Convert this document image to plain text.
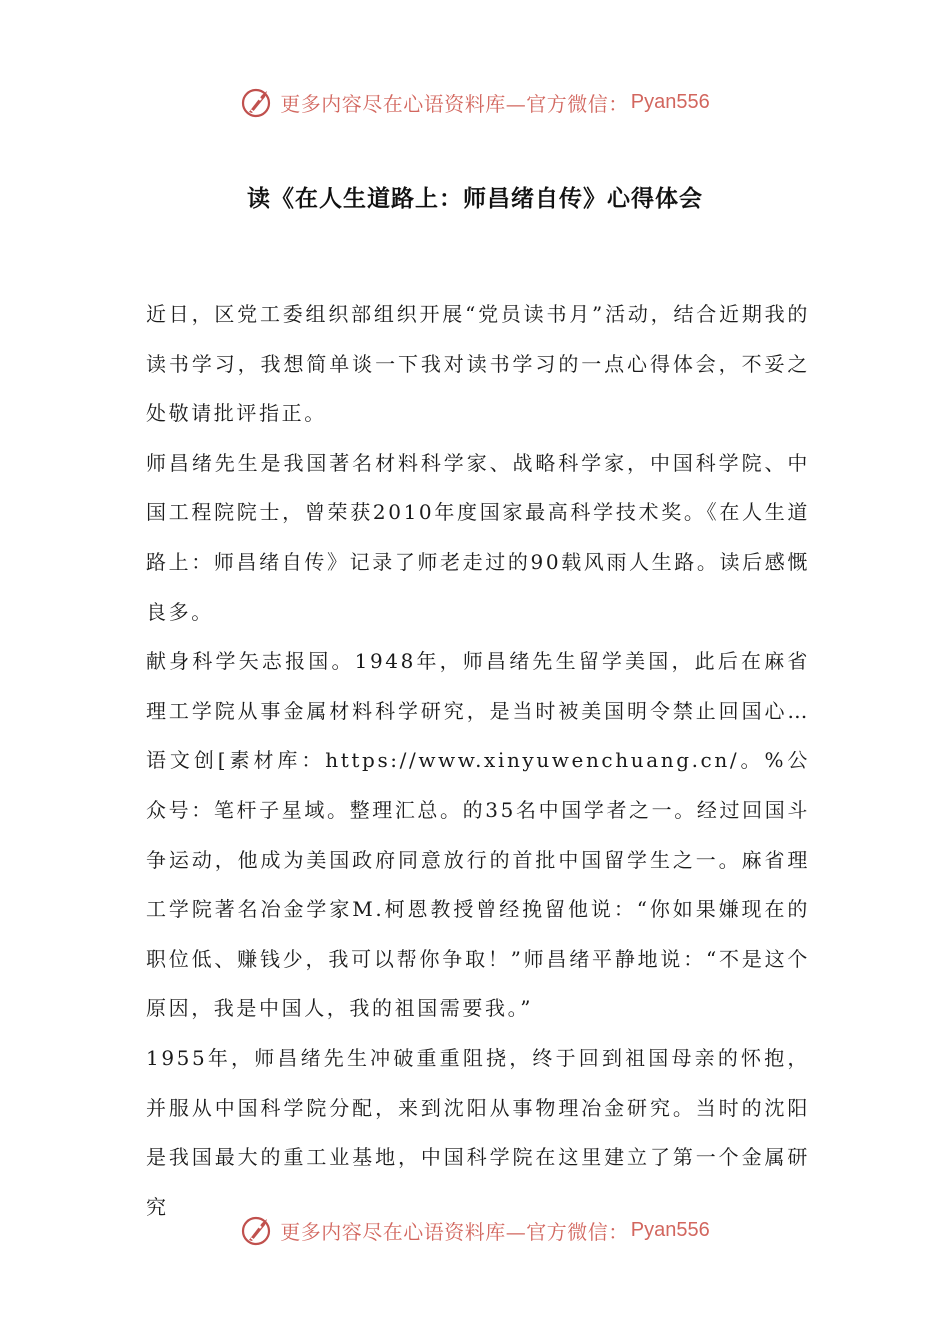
更多内容尽在心语资料库—官方微信： Pyan556
读《在人生道路上：师昌绪自传》心得体会

近日，区党工委组织部组织开展“党员读书月”活动，结合近期我的读书学习，我想简单谈一下我对读书学习的一点心得体会，不妥之处敬请批评指正。

师昌绪先生是我国著名材料科学家、战略科学家，中国科学院、中国工程院院士，曾荣获2010年度国家最高科学技术奖。《在人生道路上：师昌绪自传》记录了师老走过的90载风雨人生路。读后感慨良多。

献身科学矢志报国。1948年，师昌绪先生留学美国，此后在麻省理工学院从事金属材料科学研究，是当时被美国明令禁止回国心…语文创[素材库：https://www.xinyuwenchuang.cn/。%公众号：笔杆子星域。整理汇总。的35名中国学者之一。经过回国斗争运动，他成为美国政府同意放行的首批中国留学生之一。麻省理工学院著名冶金学家M.柯恩教授曾经挽留他说：“你如果嫌现在的职位低、赚钱少，我可以帮你争取！”师昌绪平静地说：“不是这个原因，我是中国人，我的祖国需要我。”

1955年，师昌绪先生冲破重重阻挠，终于回到祖国母亲的怀抱，并服从中国科学院分配，来到沈阳从事物理冶金研究。当时的沈阳是我国最大的重工业基地，中国科学院在这里建立了第一个金属研究

更多内容尽在心语资料库—官方微信： Pyan556
